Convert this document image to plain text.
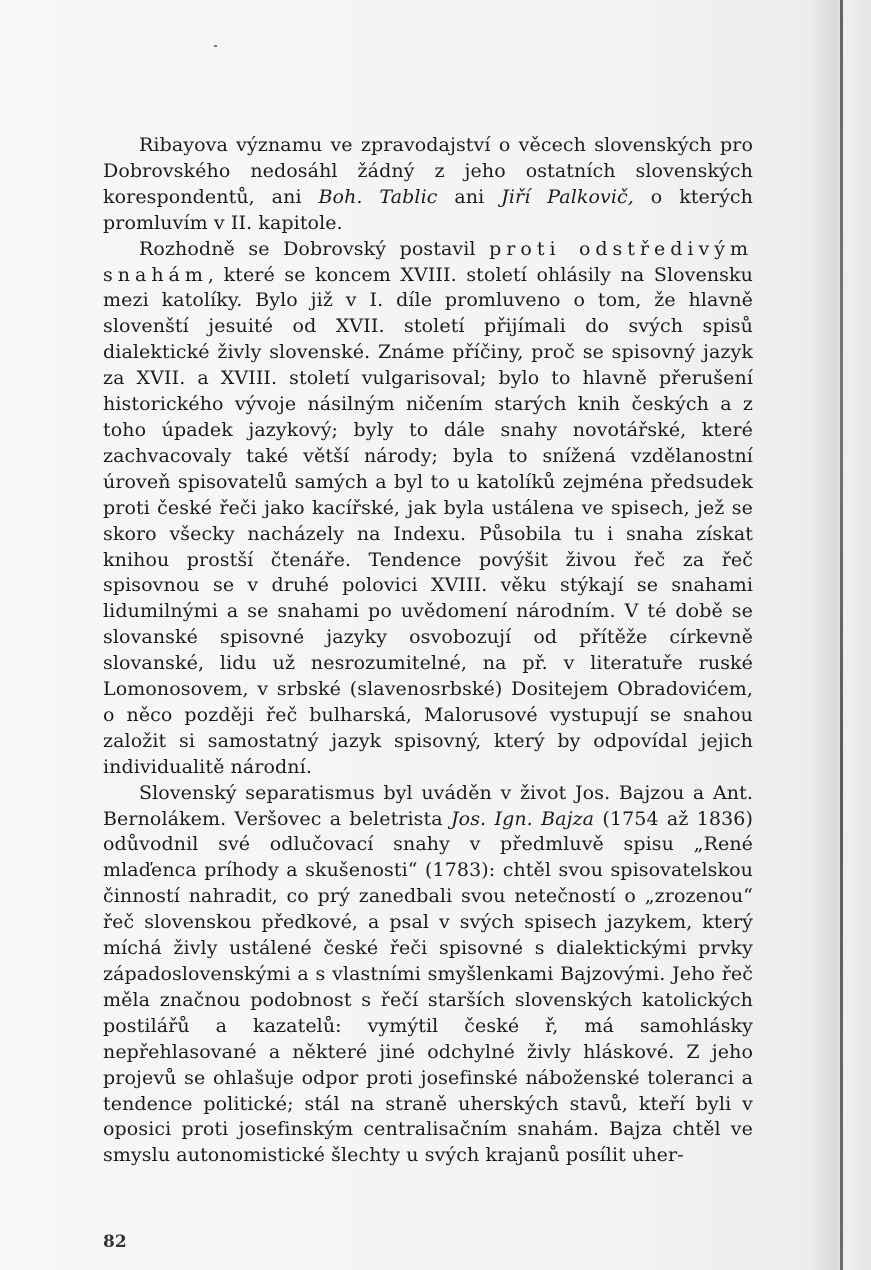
Ribayova významu ve zpravodajství o věcech slovenských pro Dobrovského nedosáhl žádný z jeho ostatních slovenských korespondentů, ani Boh. Tablic ani Jiří Palkovič, o kterých promluvím v II. kapitole.

Rozhodně se Dobrovský postavil proti odstředivým snahám, které se koncem XVIII. století ohlásily na Slovensku mezi katolíky. Bylo již v I. díle promluveno o tom, že hlavně slovenští jesuité od XVII. století přijímali do svých spisů dialektické živly slovenské. Známe příčiny, proč se spisovný jazyk za XVII. a XVIII. století vulgarisoval; bylo to hlavně přerušení historického vývoje násilným ničením starých knih českých a z toho úpadek jazykový; byly to dále snahy novotářské, které zachvacovaly také větší národy; byla to snížená vzdělanostní úroveň spisovatelů samých a byl to u katolíků zejména předsudek proti české řeči jako kacířské, jak byla ustálena ve spisech, jež se skoro všecky nacházely na Indexu. Působila tu i snaha získat knihou prostší čtenáře. Tendence povýšit živou řeč za řeč spisovnou se v druhé polovici XVIII. věku stýkají se snahami lidumilnými a se snahami po uvědomení národním. V té době se slovanské spisovné jazyky osvobozují od přítěže církevně slovanské, lidu už nesrozumitelné, na př. v literatuře ruské Lomonosovem, v srbské (slavenosrbské) Dositejem Obradovićem, o něco později řeč bulharská, Malorusové vystupují se snahou založit si samostatný jazyk spisovný, který by odpovídal jejich individualitě národní.

Slovenský separatismus byl uváděn v život Jos. Bajzou a Ant. Bernolákem. Veršovec a beletrista Jos. Ign. Bajza (1754 až 1836) odůvodnil své odlučovací snahy v předmluvě spisu „René mlaďenca príhody a skušenosti“ (1783): chtěl svou spisovatelskou činností nahradit, co prý zanedbali svou netečností o „zrozenou“ řeč slovenskou předkové, a psal v svých spisech jazykem, který míchá živly ustálené české řeči spisovné s dialektickými prvky západoslovenskými a s vlastními smyšlenkami Bajzovými. Jeho řeč měla značnou podobnost s řečí starších slovenských katolických postilářů a kazatelů: vymýtil české ř, má samohlásky nepřehlasované a některé jiné odchylné živly hláskové. Z jeho projevů se ohlašuje odpor proti josefinské náboženské toleranci a tendence politické; stál na straně uherských stavů, kteří byli v oposici proti josefinským centralisačním snahám. Bajza chtěl ve smyslu autonomistické šlechty u svých krajanů posílit uher-

82
